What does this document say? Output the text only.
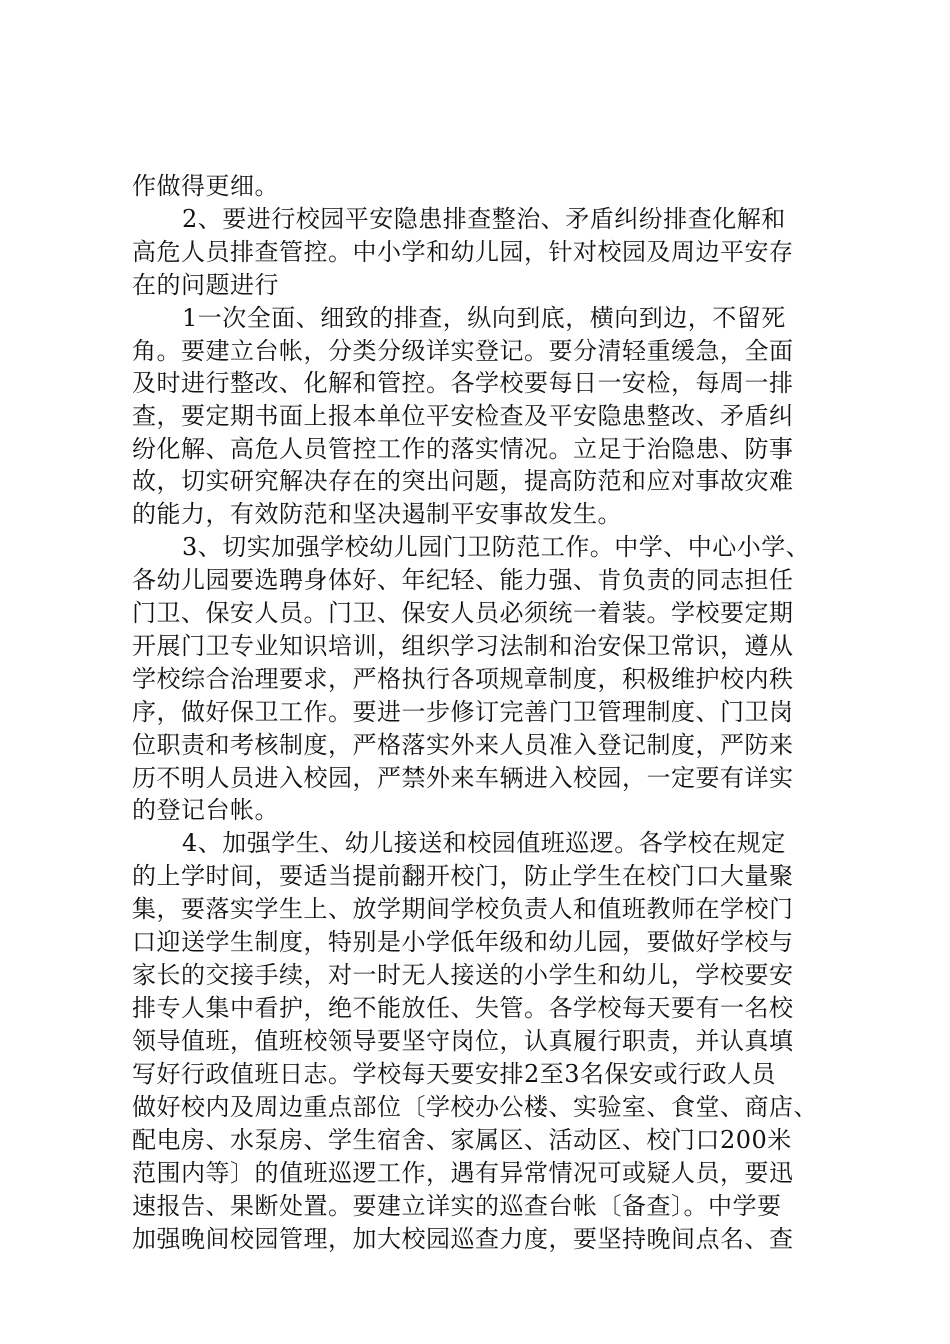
作做得更细。
2、要进行校园平安隐患排查整治、矛盾纠纷排查化解和
高危人员排查管控。中小学和幼儿园，针对校园及周边平安存
在的问题进行
1一次全面、细致的排查，纵向到底，横向到边，不留死
角。要建立台帐，分类分级详实登记。要分清轻重缓急，全面
及时进行整改、化解和管控。各学校要每日一安检，每周一排
查，要定期书面上报本单位平安检查及平安隐患整改、矛盾纠
纷化解、高危人员管控工作的落实情况。立足于治隐患、防事
故，切实研究解决存在的突出问题，提高防范和应对事故灾难
的能力，有效防范和坚决遏制平安事故发生。
3、切实加强学校幼儿园门卫防范工作。中学、中心小学、
各幼儿园要选聘身体好、年纪轻、能力强、肯负责的同志担任
门卫、保安人员。门卫、保安人员必须统一着装。学校要定期
开展门卫专业知识培训，组织学习法制和治安保卫常识，遵从
学校综合治理要求，严格执行各项规章制度，积极维护校内秩
序，做好保卫工作。要进一步修订完善门卫管理制度、门卫岗
位职责和考核制度，严格落实外来人员准入登记制度，严防来
历不明人员进入校园，严禁外来车辆进入校园，一定要有详实
的登记台帐。
4、加强学生、幼儿接送和校园值班巡逻。各学校在规定
的上学时间，要适当提前翻开校门，防止学生在校门口大量聚
集，要落实学生上、放学期间学校负责人和值班教师在学校门
口迎送学生制度，特别是小学低年级和幼儿园，要做好学校与
家长的交接手续，对一时无人接送的小学生和幼儿，学校要安
排专人集中看护，绝不能放任、失管。各学校每天要有一名校
领导值班，值班校领导要坚守岗位，认真履行职责，并认真填
写好行政值班日志。学校每天要安排2至3名保安或行政人员
做好校内及周边重点部位〔学校办公楼、实验室、食堂、商店、
配电房、水泵房、学生宿舍、家属区、活动区、校门口200米
范围内等〕的值班巡逻工作，遇有异常情况可或疑人员，要迅
速报告、果断处置。要建立详实的巡查台帐〔备查〕。中学要
加强晚间校园管理，加大校园巡查力度，要坚持晚间点名、查
